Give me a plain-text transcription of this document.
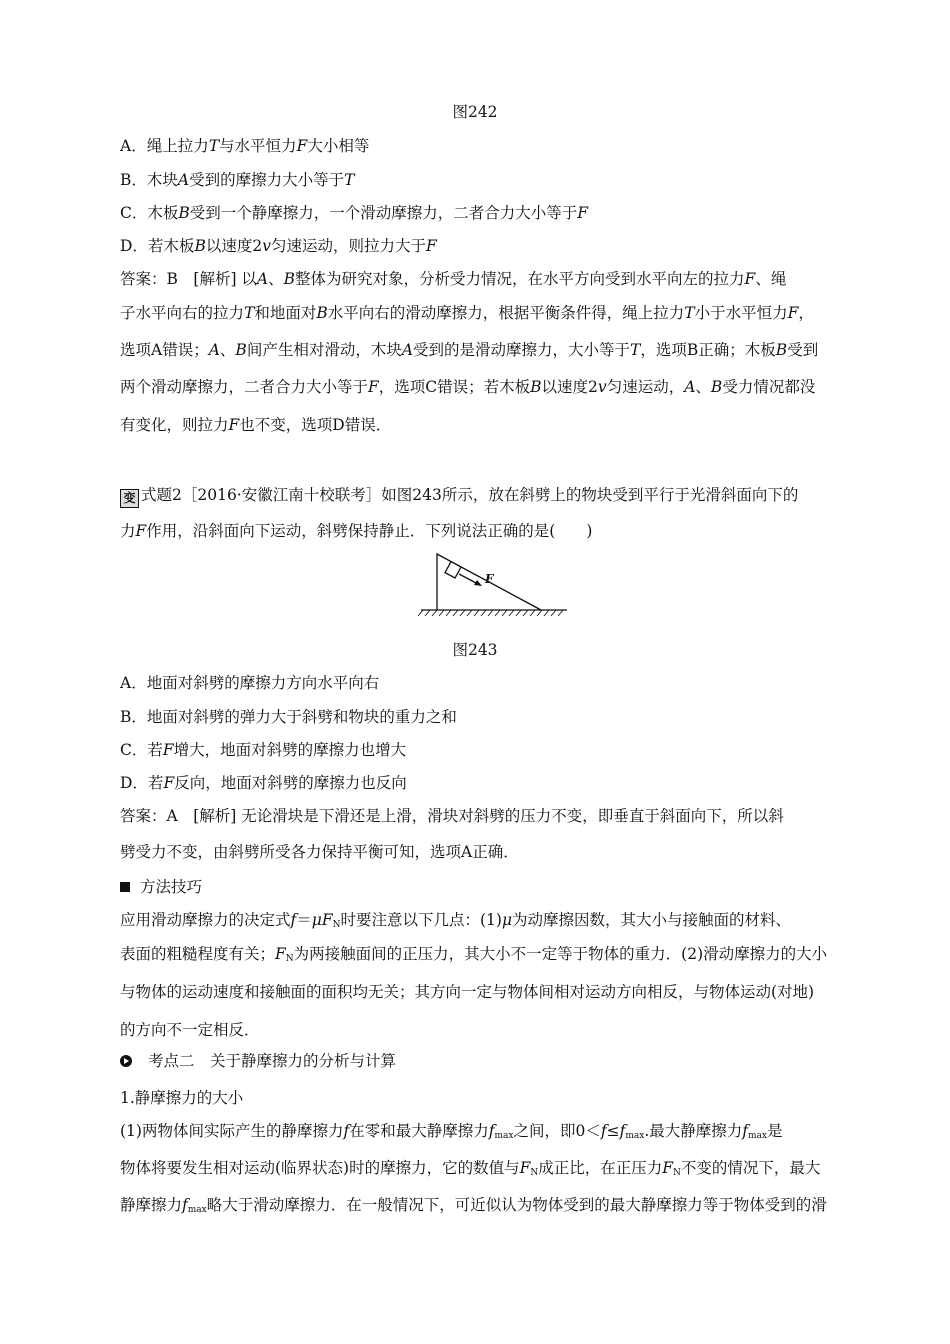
图242
A．绳上拉力T与水平恒力F大小相等
B．木块A受到的摩擦力大小等于T
C．木板B受到一个静摩擦力，一个滑动摩擦力，二者合力大小等于F
D．若木板B以速度2v匀速运动，则拉力大于F
答案：B　[解析] 以A、B整体为研究对象，分析受力情况，在水平方向受到水平向左的拉力F、绳
子水平向右的拉力T和地面对B水平向右的滑动摩擦力，根据平衡条件得，绳上拉力T小于水平恒力F，
选项A错误；A、B间产生相对滑动，木块A受到的是滑动摩擦力，大小等于T，选项B正确；木板B受到
两个滑动摩擦力，二者合力大小等于F，选项C错误；若木板B以速度2v匀速运动，A、B受力情况都没
有变化，则拉力F也不变，选项D错误．
变 式题2［2016·安徽江南十校联考］如图243所示，放在斜劈上的物块受到平行于光滑斜面向下的
力F作用，沿斜面向下运动，斜劈保持静止．下列说法正确的是(　　)
F
图243
A．地面对斜劈的摩擦力方向水平向右
B．地面对斜劈的弹力大于斜劈和物块的重力之和
C．若F增大，地面对斜劈的摩擦力也增大
D．若F反向，地面对斜劈的摩擦力也反向
答案：A　[解析] 无论滑块是下滑还是上滑，滑块对斜劈的压力不变，即垂直于斜面向下，所以斜
劈受力不变，由斜劈所受各力保持平衡可知，选项A正确．
方法技巧
应用滑动摩擦力的决定式$f=\mu F_N$时要注意以下几点：(1)μ为动摩擦因数，其大小与接触面的材料、
表面的粗糙程度有关；$F_N$为两接触面间的正压力，其大小不一定等于物体的重力．(2)滑动摩擦力的大小
与物体的运动速度和接触面的面积均无关；其方向一定与物体间相对运动方向相反，与物体运动(对地)
的方向不一定相反．
考点二　关于静摩擦力的分析与计算
1.静摩擦力的大小
(1)两物体间实际产生的静摩擦力f在零和最大静摩擦力$f_{max}$之间，即$0<f\le f_{max}$.最大静摩擦力$f_{max}$是
物体将要发生相对运动(临界状态)时的摩擦力，它的数值与$F_N$成正比，在正压力$F_N$不变的情况下，最大
静摩擦力$f_{max}$略大于滑动摩擦力．在一般情况下，可近似认为物体受到的最大静摩擦力等于物体受到的滑
